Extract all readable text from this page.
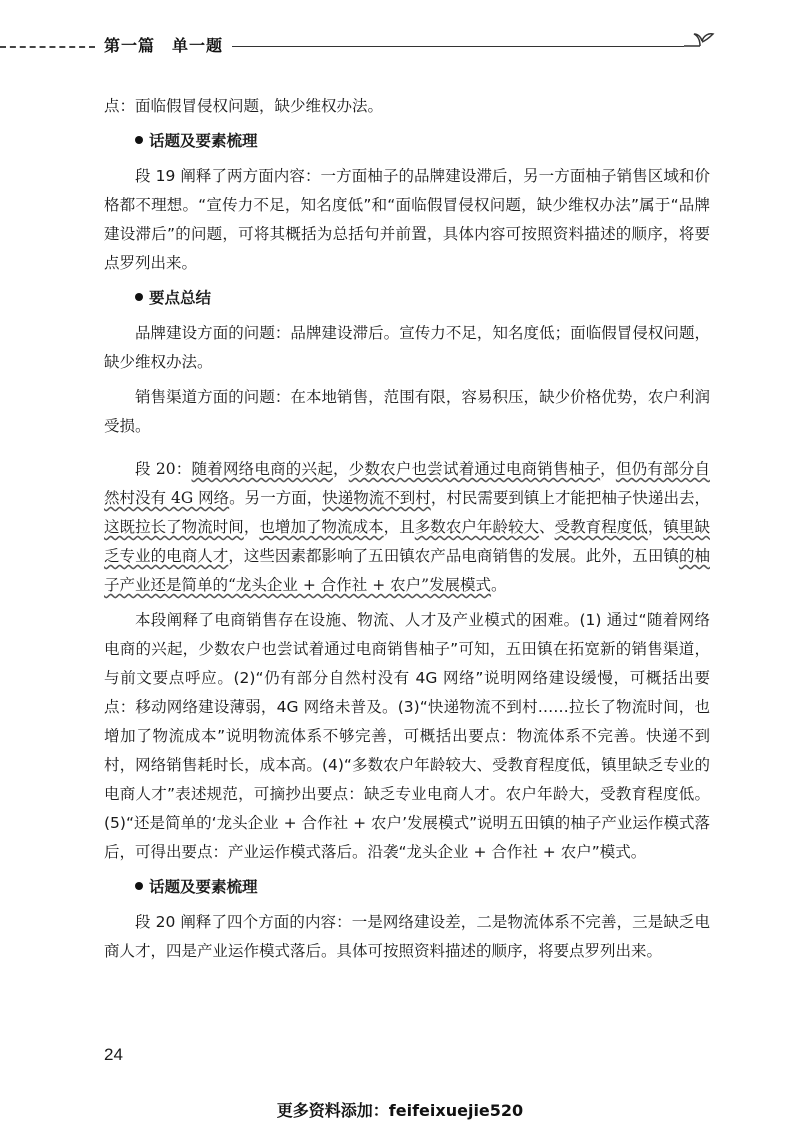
第一篇　单一题

点：面临假冒侵权问题，缺少维权办法。

话题及要素梳理

段 19 阐释了两方面内容：一方面柚子的品牌建设滞后，另一方面柚子销售区域和价格都不理想。“宣传力不足，知名度低”和“面临假冒侵权问题，缺少维权办法”属于“品牌建设滞后”的问题，可将其概括为总括句并前置，具体内容可按照资料描述的顺序，将要点罗列出来。

要点总结

品牌建设方面的问题：品牌建设滞后。宣传力不足，知名度低；面临假冒侵权问题，缺少维权办法。

销售渠道方面的问题：在本地销售，范围有限，容易积压，缺少价格优势，农户利润受损。

段 20：随着网络电商的兴起，少数农户也尝试着通过电商销售柚子，但仍有部分自然村没有 4G 网络。另一方面，快递物流不到村，村民需要到镇上才能把柚子快递出去，这既拉长了物流时间，也增加了物流成本，且多数农户年龄较大、受教育程度低，镇里缺乏专业的电商人才，这些因素都影响了五田镇农产品电商销售的发展。此外，五田镇的柚子产业还是简单的“龙头企业 + 合作社 + 农户”发展模式。

本段阐释了电商销售存在设施、物流、人才及产业模式的困难。(1) 通过“随着网络电商的兴起，少数农户也尝试着通过电商销售柚子”可知，五田镇在拓宽新的销售渠道，与前文要点呼应。(2)“仍有部分自然村没有 4G 网络”说明网络建设缓慢，可概括出要点：移动网络建设薄弱，4G 网络未普及。(3)“快递物流不到村……拉长了物流时间，也增加了物流成本”说明物流体系不够完善，可概括出要点：物流体系不完善。快递不到村，网络销售耗时长，成本高。(4)“多数农户年龄较大、受教育程度低，镇里缺乏专业的电商人才”表述规范，可摘抄出要点：缺乏专业电商人才。农户年龄大，受教育程度低。(5)“还是简单的‘龙头企业 + 合作社 + 农户’发展模式”说明五田镇的柚子产业运作模式落后，可得出要点：产业运作模式落后。沿袭“龙头企业 + 合作社 + 农户”模式。

话题及要素梳理

段 20 阐释了四个方面的内容：一是网络建设差，二是物流体系不完善，三是缺乏电商人才，四是产业运作模式落后。具体可按照资料描述的顺序，将要点罗列出来。

24
更多资料添加：feifeixuejie520
